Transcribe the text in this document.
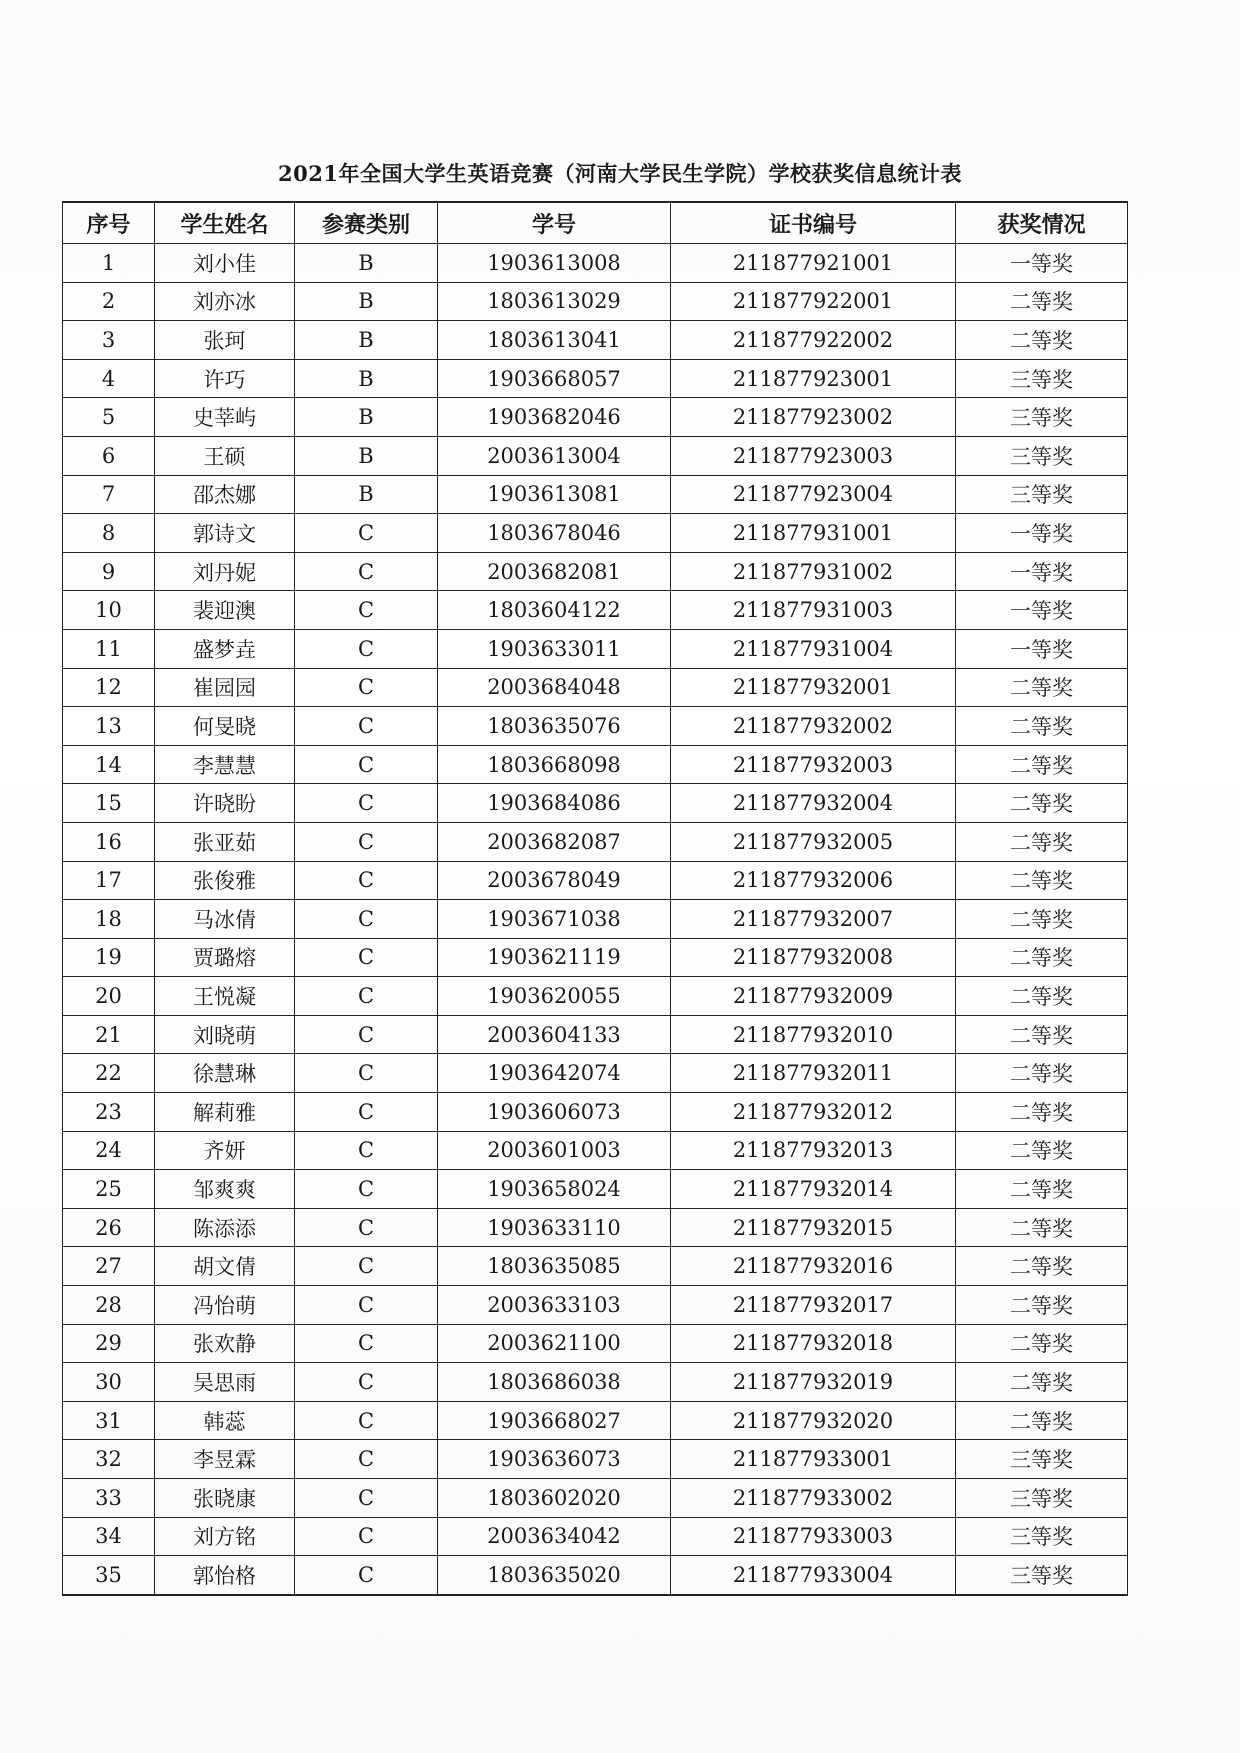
2021年全国大学生英语竞赛（河南大学民生学院）学校获奖信息统计表
序号	学生姓名	参赛类别	学号	证书编号	获奖情况
1	刘小佳	B	1903613008	211877921001	一等奖
2	刘亦冰	B	1803613029	211877922001	二等奖
3	张珂	B	1803613041	211877922002	二等奖
4	许巧	B	1903668057	211877923001	三等奖
5	史莘屿	B	1903682046	211877923002	三等奖
6	王硕	B	2003613004	211877923003	三等奖
7	邵杰娜	B	1903613081	211877923004	三等奖
8	郭诗文	C	1803678046	211877931001	一等奖
9	刘丹妮	C	2003682081	211877931002	一等奖
10	裴迎澳	C	1803604122	211877931003	一等奖
11	盛梦垚	C	1903633011	211877931004	一等奖
12	崔园园	C	2003684048	211877932001	二等奖
13	何旻晓	C	1803635076	211877932002	二等奖
14	李慧慧	C	1803668098	211877932003	二等奖
15	许晓盼	C	1903684086	211877932004	二等奖
16	张亚茹	C	2003682087	211877932005	二等奖
17	张俊雅	C	2003678049	211877932006	二等奖
18	马冰倩	C	1903671038	211877932007	二等奖
19	贾璐熔	C	1903621119	211877932008	二等奖
20	王悦凝	C	1903620055	211877932009	二等奖
21	刘晓萌	C	2003604133	211877932010	二等奖
22	徐慧琳	C	1903642074	211877932011	二等奖
23	解莉雅	C	1903606073	211877932012	二等奖
24	齐妍	C	2003601003	211877932013	二等奖
25	邹爽爽	C	1903658024	211877932014	二等奖
26	陈添添	C	1903633110	211877932015	二等奖
27	胡文倩	C	1803635085	211877932016	二等奖
28	冯怡萌	C	2003633103	211877932017	二等奖
29	张欢静	C	2003621100	211877932018	二等奖
30	吴思雨	C	1803686038	211877932019	二等奖
31	韩蕊	C	1903668027	211877932020	二等奖
32	李昱霖	C	1903636073	211877933001	三等奖
33	张晓康	C	1803602020	211877933002	三等奖
34	刘方铭	C	2003634042	211877933003	三等奖
35	郭怡格	C	1803635020	211877933004	三等奖
